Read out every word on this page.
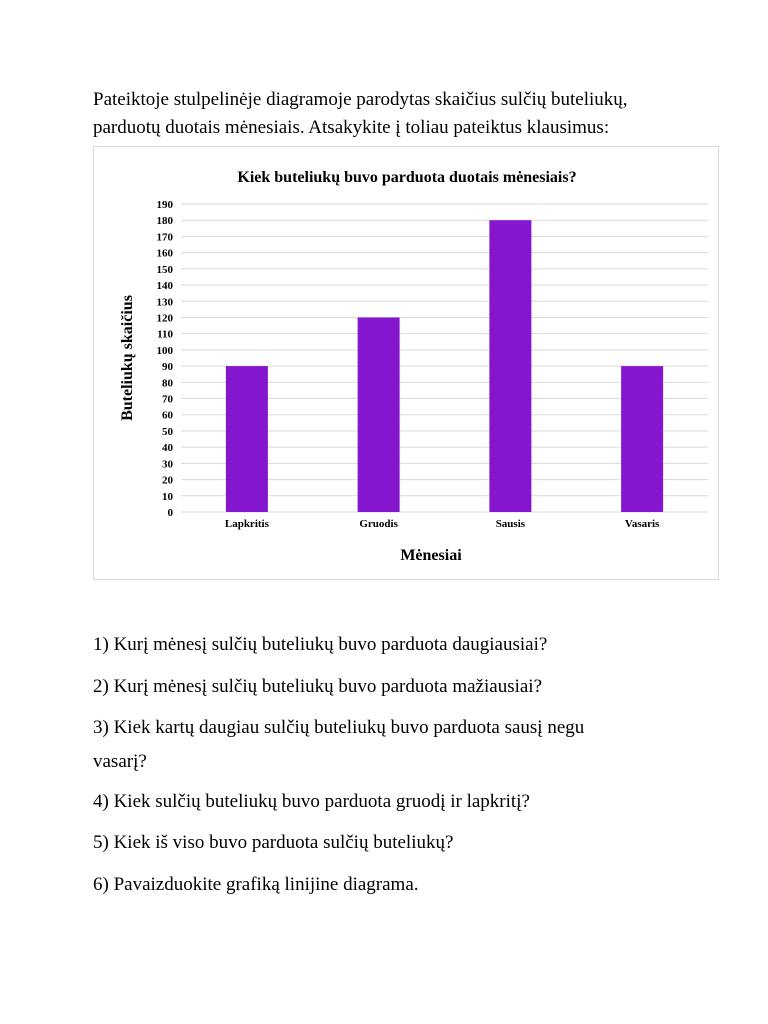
Pateiktoje stulpelinėje diagramoje parodytas skaičius sulčių buteliukų,
parduotų duotais mėnesiais. Atsakykite į toliau pateiktus klausimus:

Kiek buteliukų buvo parduota duotais mėnesiais?
0
10
20
30
40
50
60
70
80
90
100
110
120
130
140
150
160
170
180
190
Lapkritis	Gruodis	Sausis	Vasaris
Buteliukų skaičius
Mėnesiai

1) Kurį mėnesį sulčių buteliukų buvo parduota daugiausiai?

2) Kurį mėnesį sulčių buteliukų buvo parduota mažiausiai?

3) Kiek kartų daugiau sulčių buteliukų buvo parduota sausį negu

vasarį?

4) Kiek sulčių buteliukų buvo parduota gruodį ir lapkritį?

5) Kiek iš viso buvo parduota sulčių buteliukų?

6) Pavaizduokite grafiką linijine diagrama.
